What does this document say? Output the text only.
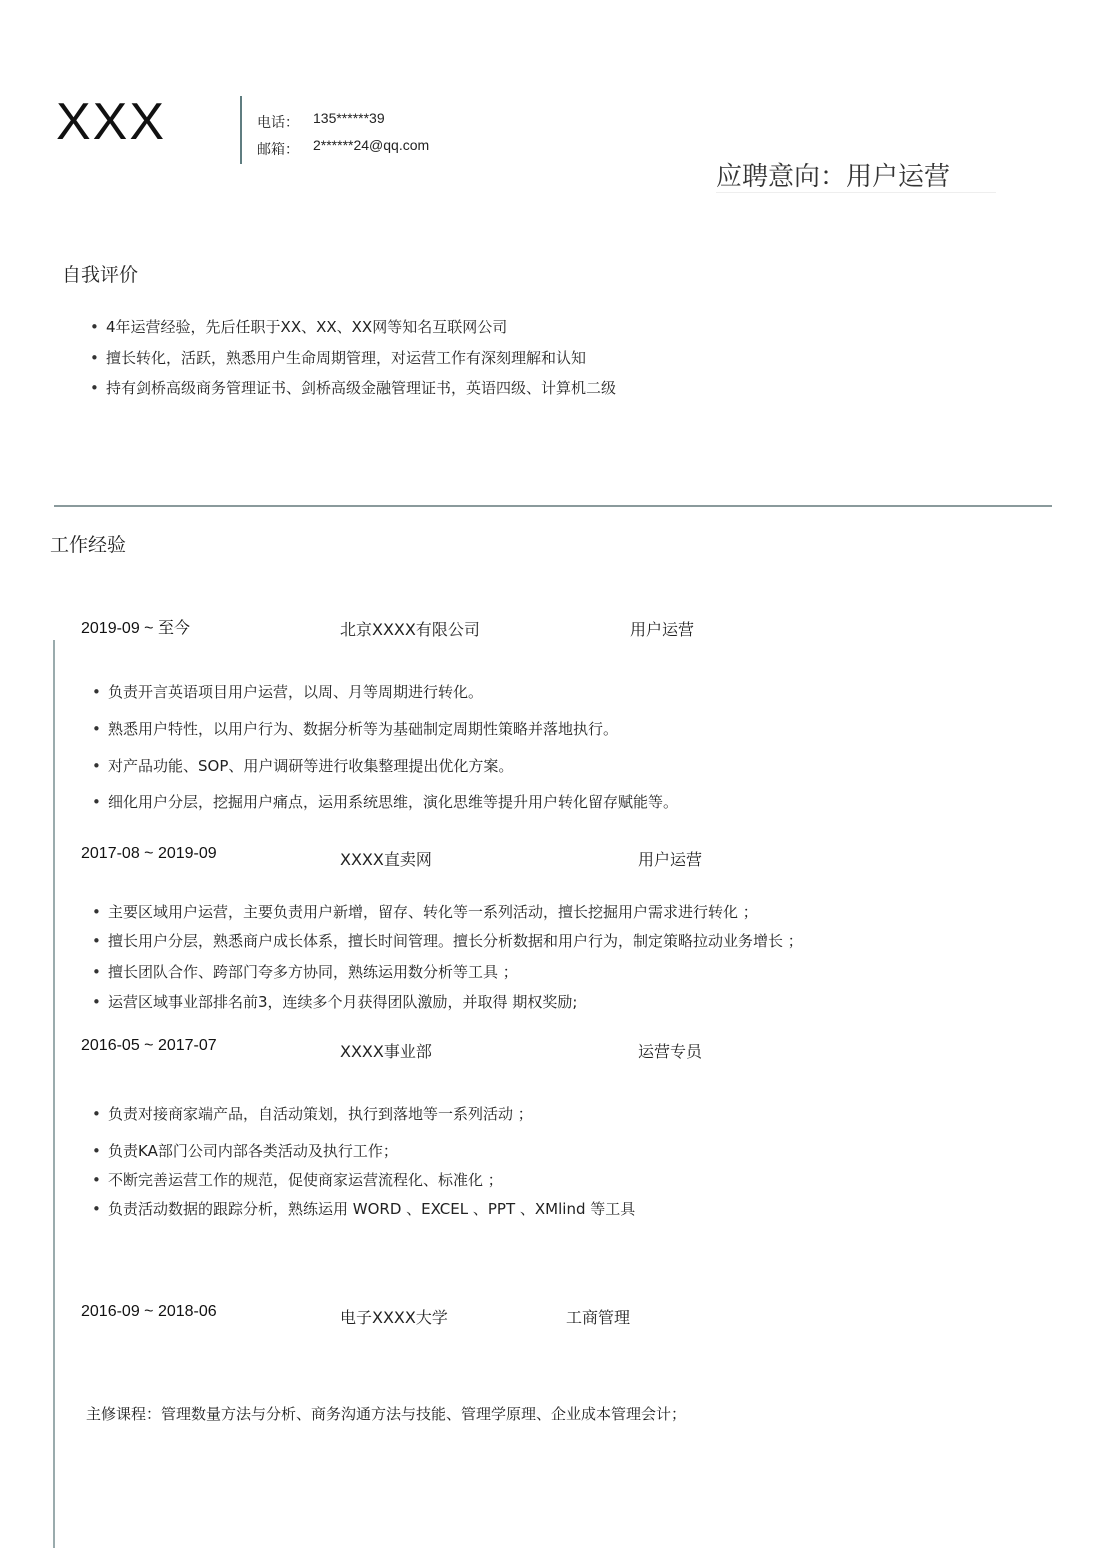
XXX	电话： 135******39
邮箱： 2******24@qq.com
应聘意向：用户运营
自我评价
• 4年运营经验，先后任职于XX、XX、XX网等知名互联网公司
• 擅长转化，活跃，熟悉用户生命周期管理，对运营工作有深刻理解和认知
• 持有剑桥高级商务管理证书、剑桥高级金融管理证书，英语四级、计算机二级
工作经验
2019-09 ~ 至今	北京XXXX有限公司	用户运营
• 负责开言英语项目用户运营，以周、月等周期进行转化。
• 熟悉用户特性，以用户行为、数据分析等为基础制定周期性策略并落地执行。
• 对产品功能、SOP、用户调研等进行收集整理提出优化方案。
• 细化用户分层，挖掘用户痛点，运用系统思维，演化思维等提升用户转化留存赋能等。
2017-08 ~ 2019-09	XXXX直卖网	用户运营
• 主要区域用户运营，主要负责用户新增，留存、转化等一系列活动，擅长挖掘用户需求进行转化 ；
• 擅长用户分层，熟悉商户成长体系，擅长时间管理。擅长分析数据和用户行为，制定策略拉动业务增长 ；
• 擅长团队合作、跨部门夸多方协同，熟练运用数分析等工具 ；
• 运营区域事业部排名前3，连续多个月获得团队激励，并取得 期权奖励;
2016-05 ~ 2017-07	XXXX事业部	运营专员
• 负责对接商家端产品，自活动策划，执行到落地等一系列活动 ；
• 负责KA部门公司内部各类活动及执行工作；
• 不断完善运营工作的规范，促使商家运营流程化、标准化 ；
• 负责活动数据的跟踪分析，熟练运用 WORD 、EXCEL 、PPT 、XMlind 等工具
2016-09 ~ 2018-06	电子XXXX大学	工商管理
主修课程：管理数量方法与分析、商务沟通方法与技能、管理学原理、企业成本管理会计；
